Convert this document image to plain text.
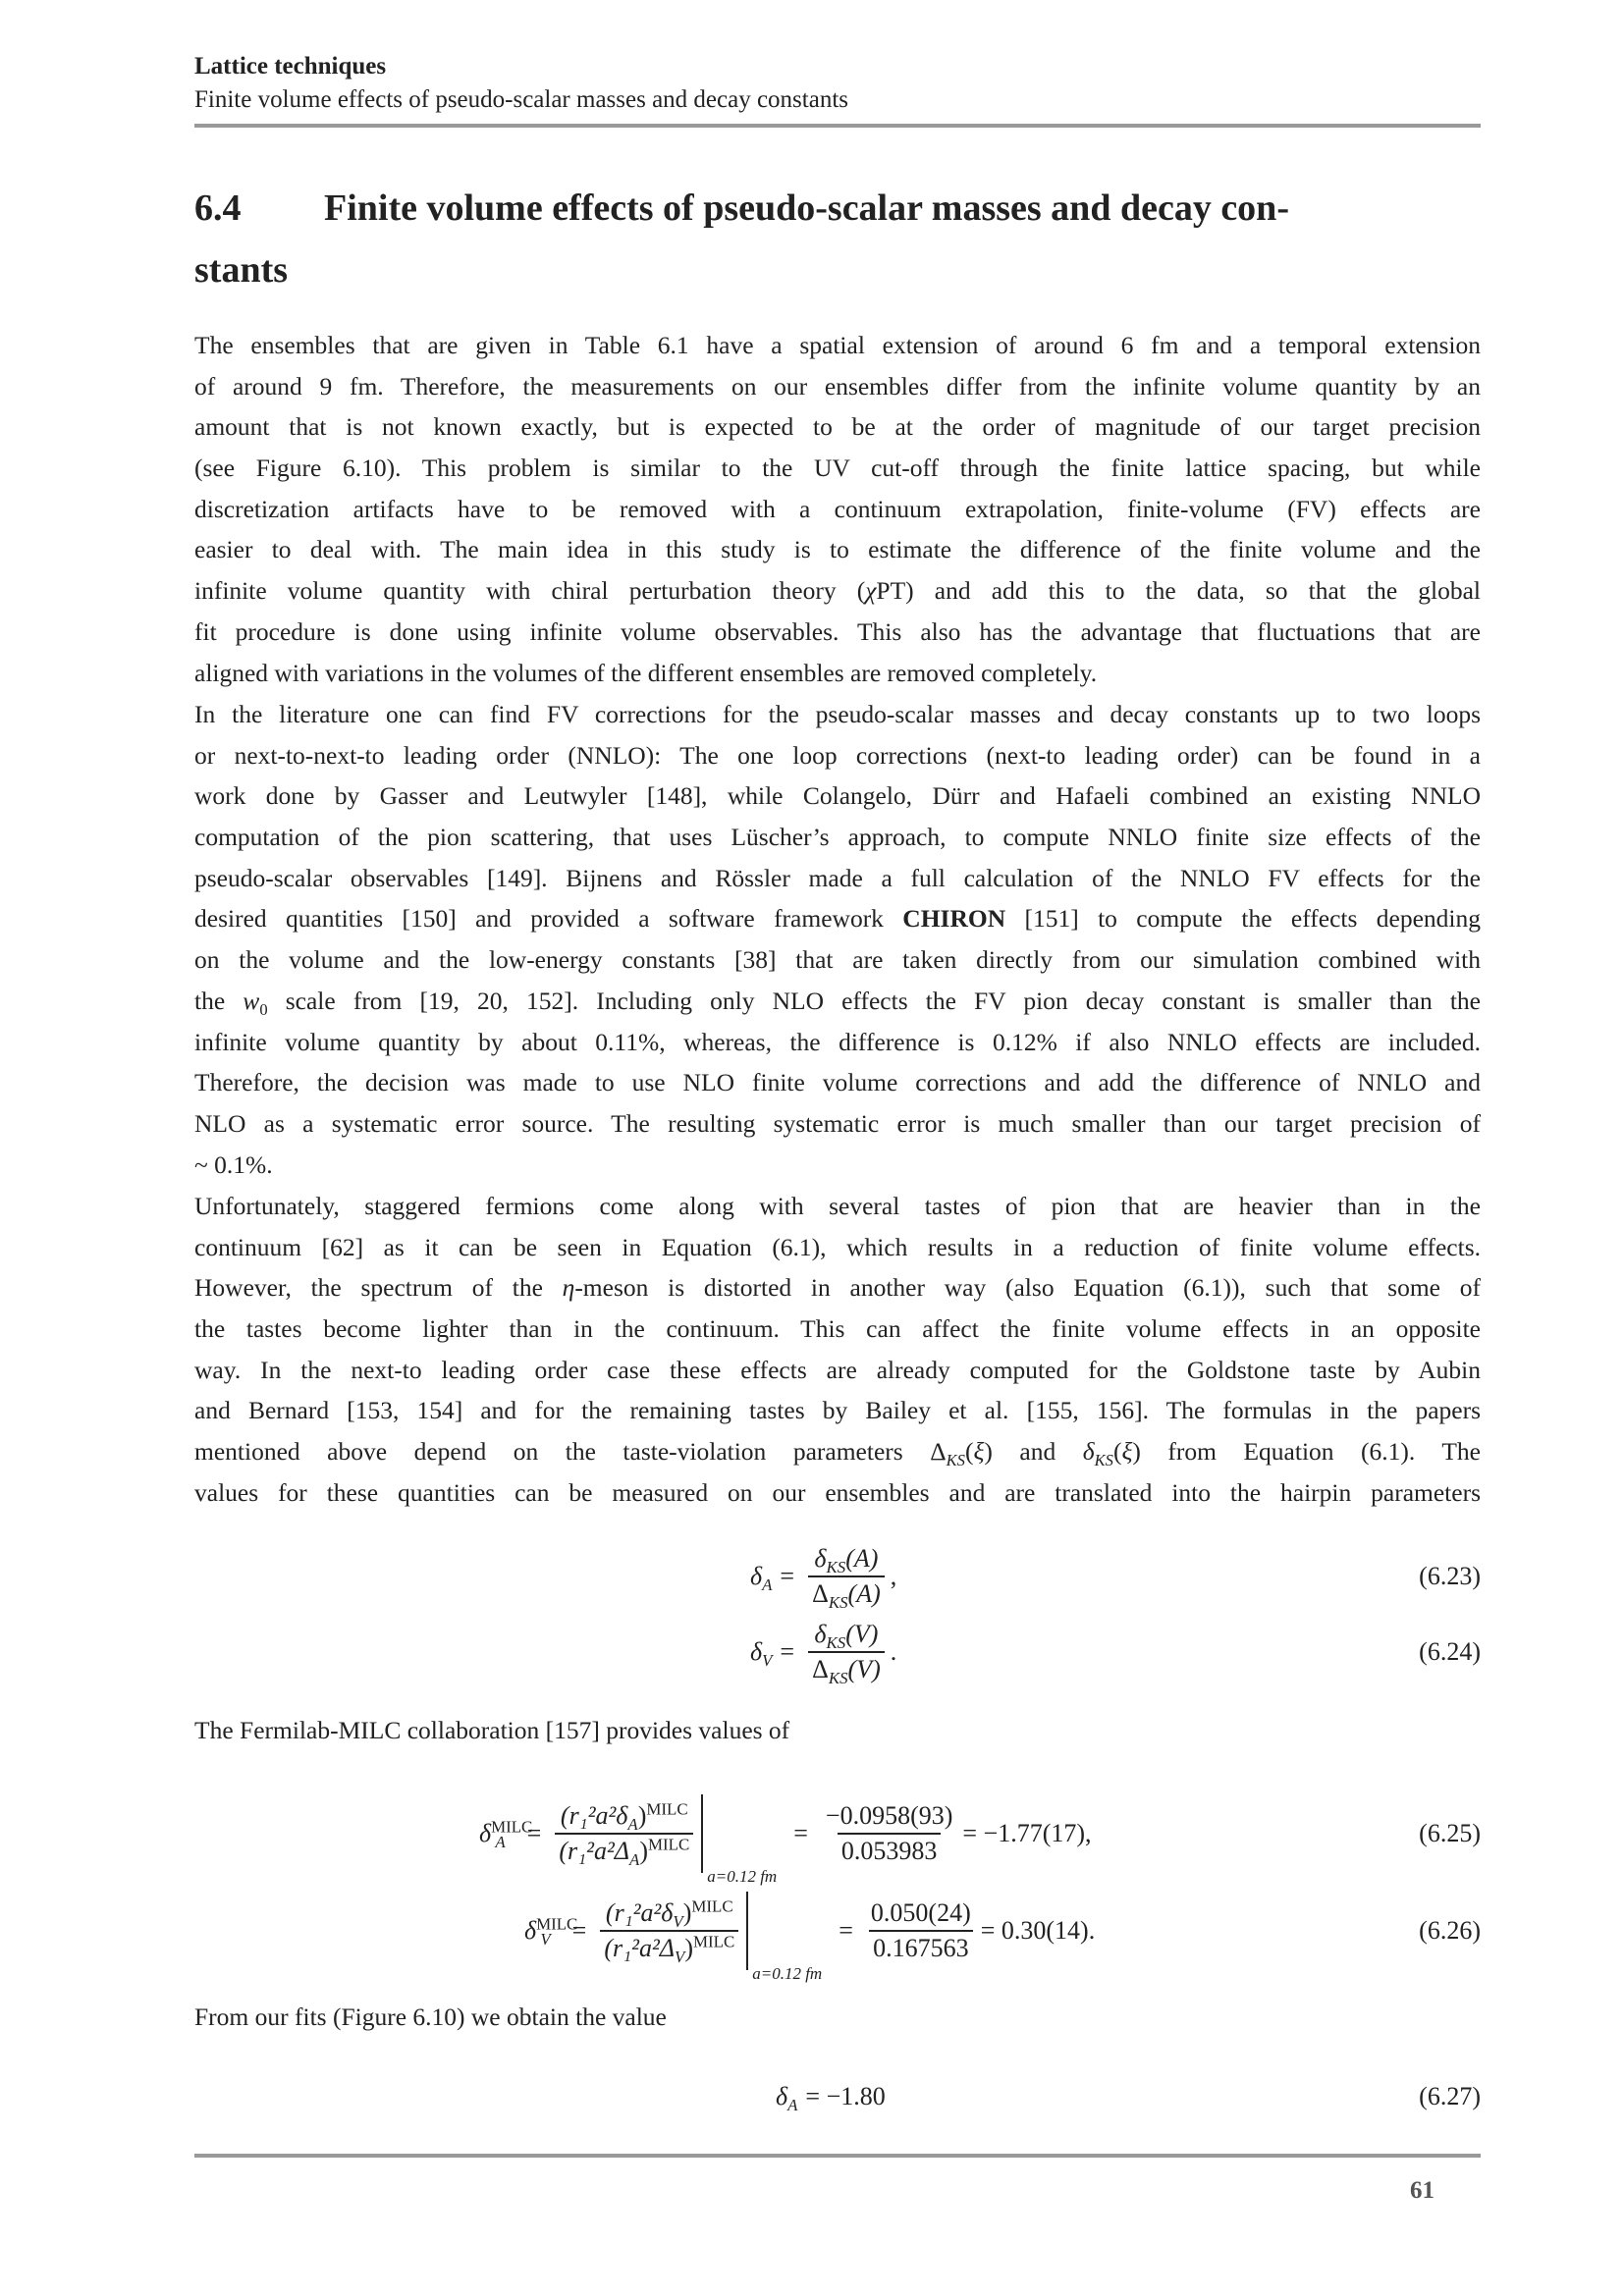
Lattice techniques
Finite volume effects of pseudo-scalar masses and decay constants
6.4 Finite volume effects of pseudo-scalar masses and decay con-
stants
The ensembles that are given in Table 6.1 have a spatial extension of around 6 fm and a temporal extension
of around 9 fm. Therefore, the measurements on our ensembles differ from the infinite volume quantity by an
amount that is not known exactly, but is expected to be at the order of magnitude of our target precision
(see Figure 6.10). This problem is similar to the UV cut-off through the finite lattice spacing, but while
discretization artifacts have to be removed with a continuum extrapolation, finite-volume (FV) effects are
easier to deal with. The main idea in this study is to estimate the difference of the finite volume and the
infinite volume quantity with chiral perturbation theory (χPT) and add this to the data, so that the global
fit procedure is done using infinite volume observables. This also has the advantage that fluctuations that are
aligned with variations in the volumes of the different ensembles are removed completely.
In the literature one can find FV corrections for the pseudo-scalar masses and decay constants up to two loops
or next-to-next-to leading order (NNLO): The one loop corrections (next-to leading order) can be found in a
work done by Gasser and Leutwyler [148], while Colangelo, Dürr and Hafaeli combined an existing NNLO
computation of the pion scattering, that uses Lüscher’s approach, to compute NNLO finite size effects of the
pseudo-scalar observables [149]. Bijnens and Rössler made a full calculation of the NNLO FV effects for the
desired quantities [150] and provided a software framework CHIRON [151] to compute the effects depending
on the volume and the low-energy constants [38] that are taken directly from our simulation combined with
the $w_0$ scale from [19, 20, 152]. Including only NLO effects the FV pion decay constant is smaller than the
infinite volume quantity by about 0.11%, whereas, the difference is 0.12% if also NNLO effects are included.
Therefore, the decision was made to use NLO finite volume corrections and add the difference of NNLO and
NLO as a systematic error source. The resulting systematic error is much smaller than our target precision of
~ 0.1%.
Unfortunately, staggered fermions come along with several tastes of pion that are heavier than in the
continuum [62] as it can be seen in Equation (6.1), which results in a reduction of finite volume effects.
However, the spectrum of the η-meson is distorted in another way (also Equation (6.1)), such that some of
the tastes become lighter than in the continuum. This can affect the finite volume effects in an opposite
way. In the next-to leading order case these effects are already computed for the Goldstone taste by Aubin
and Bernard [153, 154] and for the remaining tastes by Bailey et al. [155, 156]. The formulas in the papers
mentioned above depend on the taste-violation parameters $\Delta_{KS}(\xi)$ and $\delta_{KS}(\xi)$ from Equation (6.1). The
values for these quantities can be measured on our ensembles and are translated into the hairpin parameters
$\delta_A = \frac{\delta_{KS}(A)}{\Delta_{KS}(A)}$ ,	(6.23)
$\delta_V = \frac{\delta_{KS}(V)}{\Delta_{KS}(V)}$ .	(6.24)
The Fermilab-MILC collaboration [157] provides values of
$\delta^{MILC}_A = \frac{(r_1^2a^2\delta_A)^{MILC}}{(r_1^2a^2\Delta_A)^{MILC}}$
a=0.12 fm
= $\frac{-0.0958(93)}{0.053983} = -1.77(17)$,	(6.25)
$\delta^{MILC}_V = \frac{(r_1^2a^2\delta_V)^{MILC}}{(r_1^2a^2\Delta_V)^{MILC}}$
a=0.12 fm
= $\frac{0.050(24)}{0.167563} = 0.30(14)$.	(6.26)
From our fits (Figure 6.10) we obtain the value
$\delta_A = -1.80$	(6.27)
61
